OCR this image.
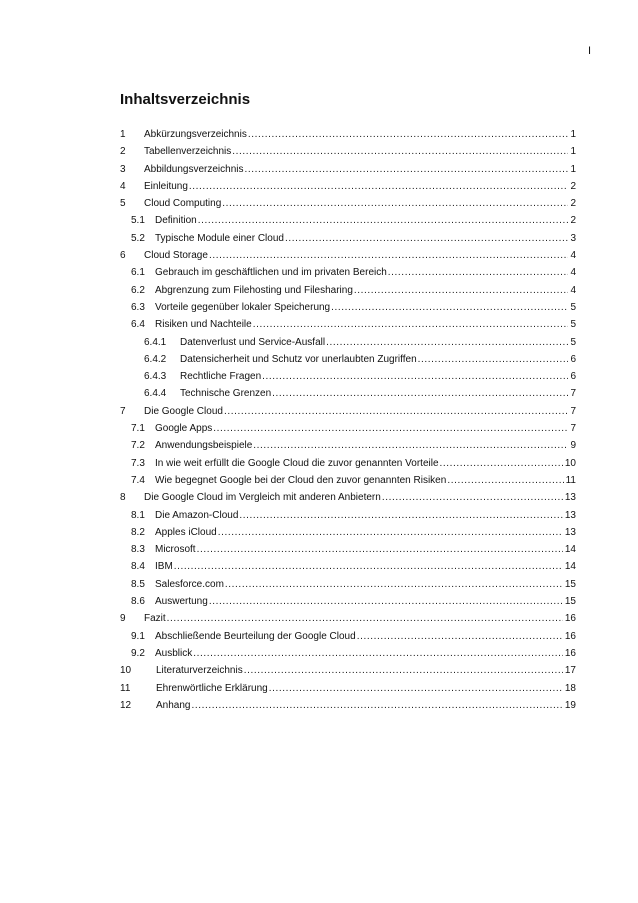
I
Inhaltsverzeichnis
1	Abkürzungsverzeichnis .....	1
2	Tabellenverzeichnis .....	1
3	Abbildungsverzeichnis .....	1
4	Einleitung .....	2
5	Cloud Computing .....	2
5.1	Definition .....	2
5.2	Typische Module einer Cloud .....	3
6	Cloud Storage .....	4
6.1	Gebrauch im geschäftlichen und im privaten Bereich .....	4
6.2	Abgrenzung zum Filehosting und Filesharing .....	4
6.3	Vorteile gegenüber lokaler Speicherung .....	5
6.4	Risiken und Nachteile .....	5
6.4.1	Datenverlust und Service-Ausfall .....	5
6.4.2	Datensicherheit und Schutz vor unerlaubten Zugriffen .....	6
6.4.3	Rechtliche Fragen .....	6
6.4.4	Technische Grenzen .....	7
7	Die Google Cloud .....	7
7.1	Google Apps .....	7
7.2	Anwendungsbeispiele .....	9
7.3	In wie weit erfüllt die Google Cloud die zuvor genannten Vorteile .....	10
7.4	Wie begegnet Google bei der Cloud den zuvor genannten Risiken .....	11
8	Die Google Cloud im Vergleich mit anderen Anbietern .....	13
8.1	Die Amazon-Cloud .....	13
8.2	Apples iCloud .....	13
8.3	Microsoft .....	14
8.4	IBM .....	14
8.5	Salesforce.com .....	15
8.6	Auswertung .....	15
9	Fazit .....	16
9.1	Abschließende Beurteilung der Google Cloud .....	16
9.2	Ausblick .....	16
10	Literaturverzeichnis .....	17
11	Ehrenwörtliche Erklärung .....	18
12	Anhang .....	19
